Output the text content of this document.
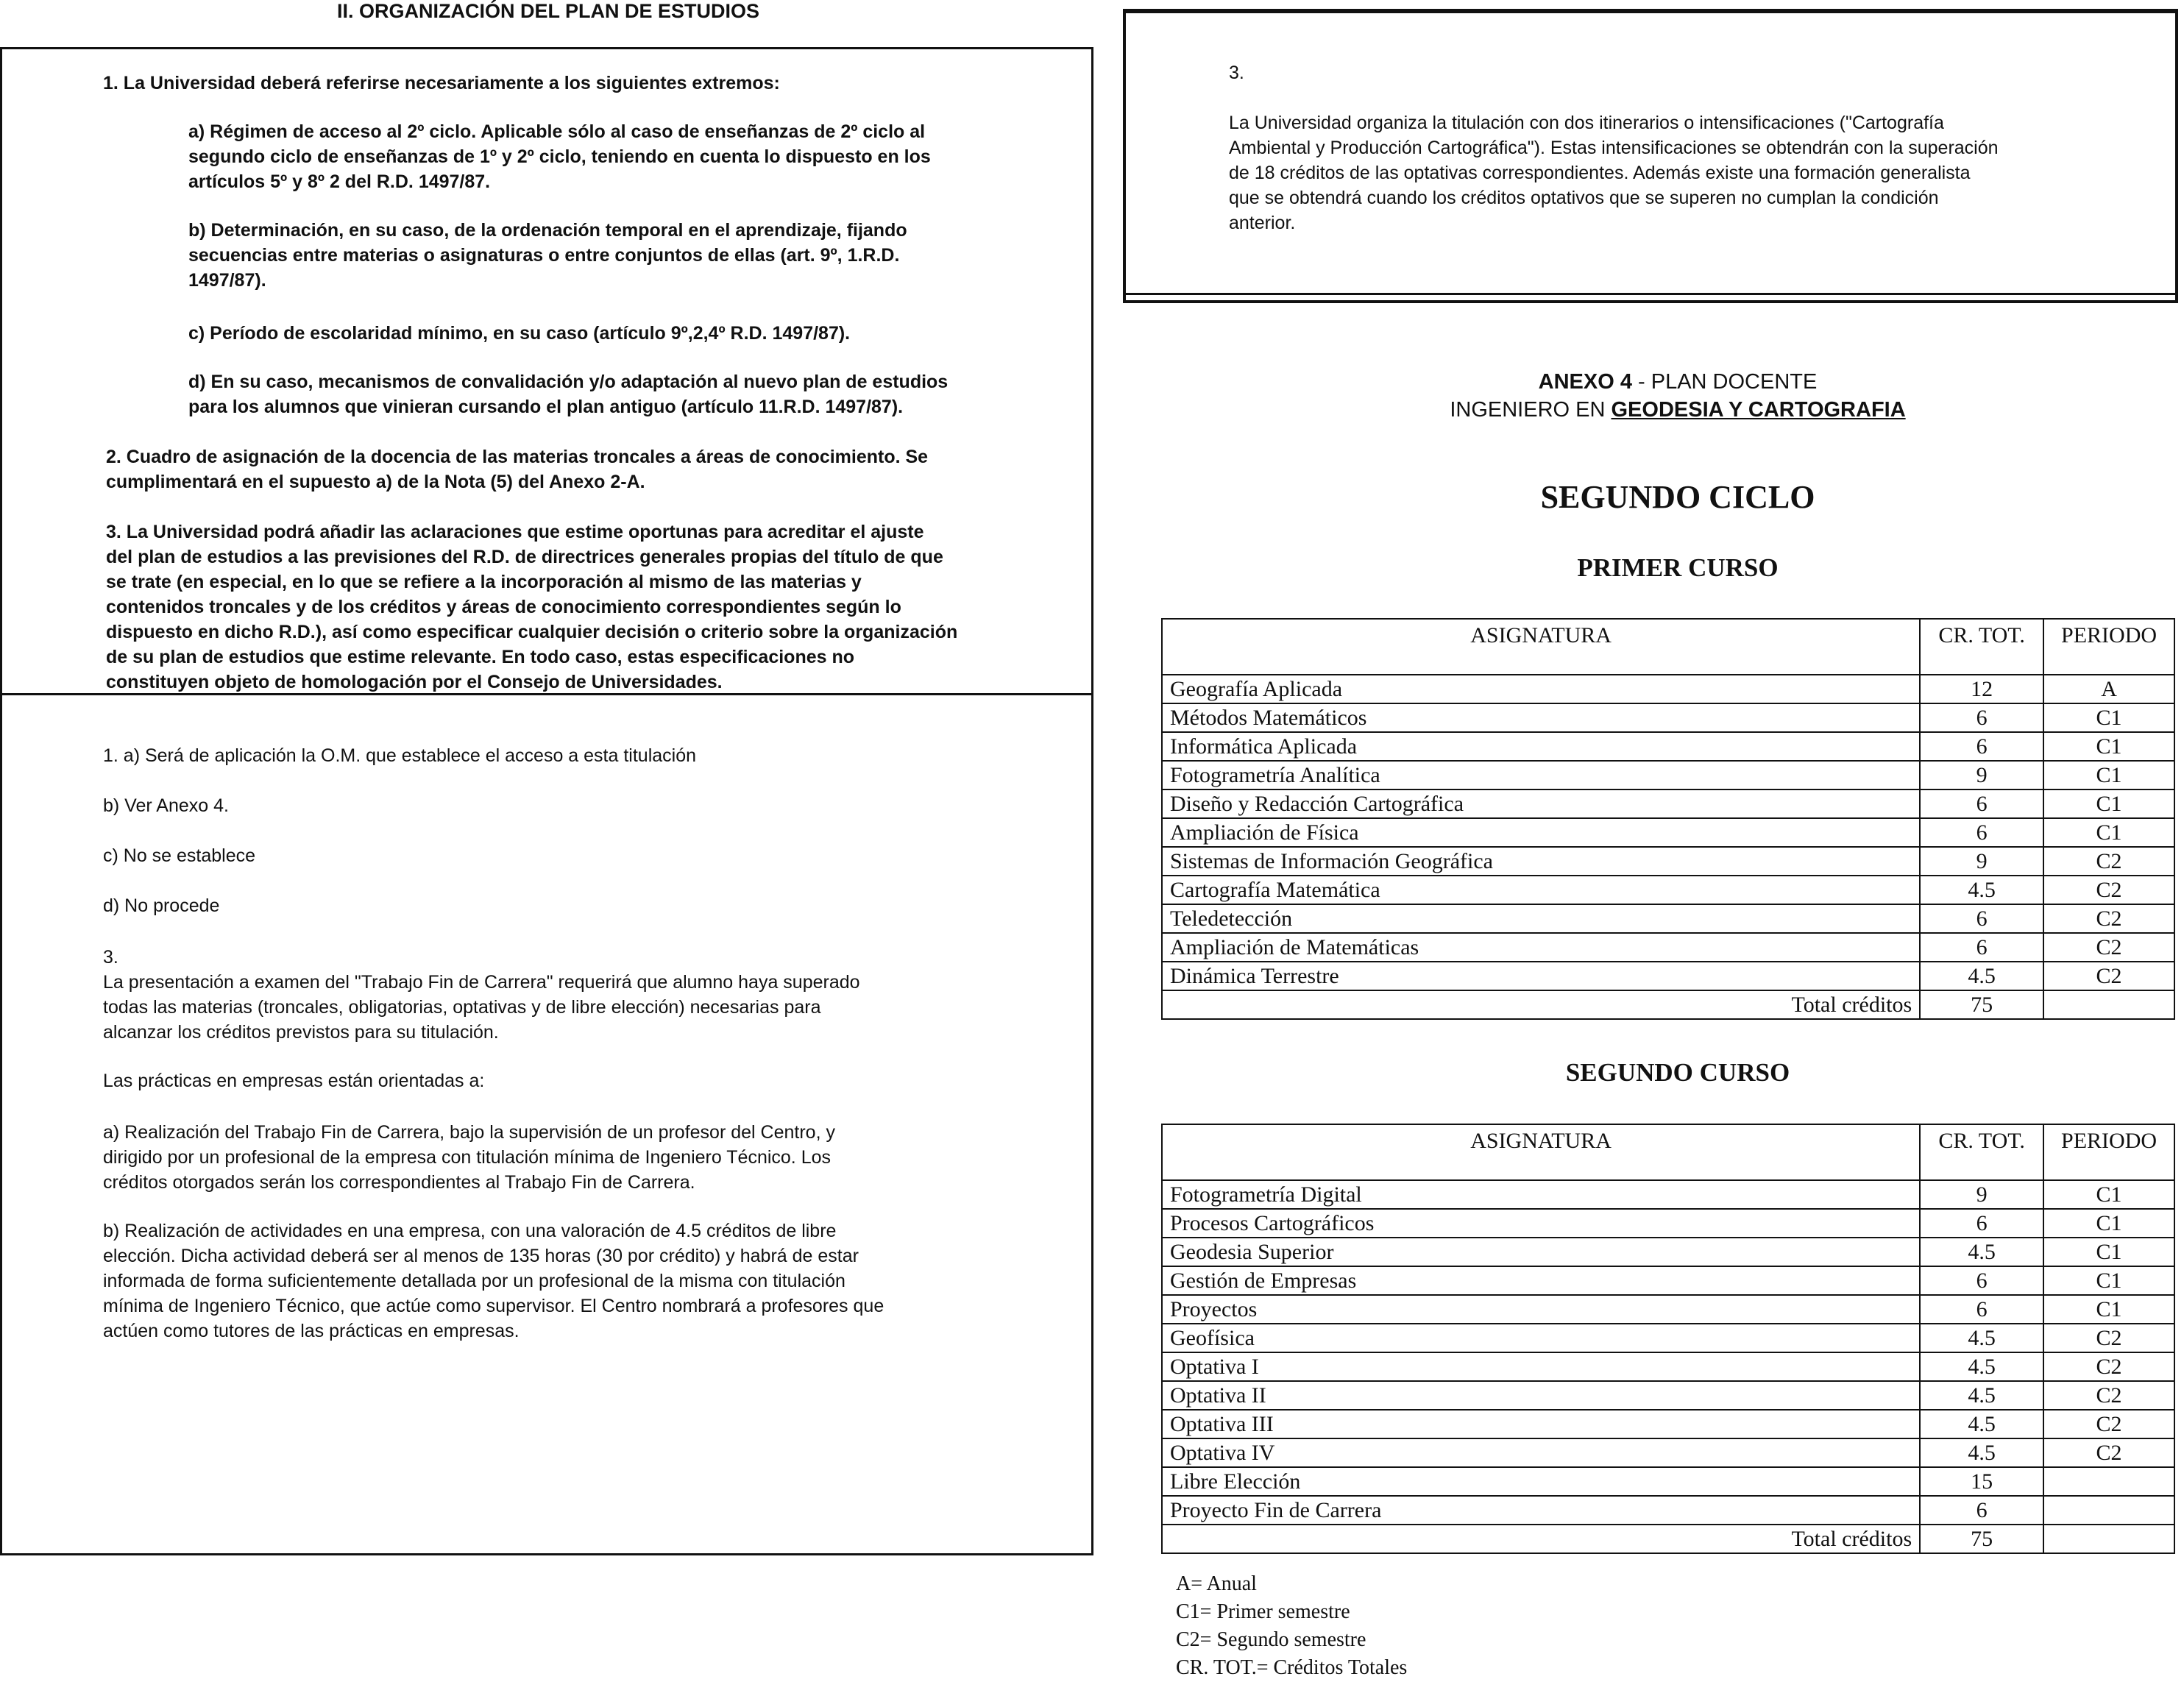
II. ORGANIZACIÓN DEL PLAN DE ESTUDIOS
1. La Universidad deberá referirse necesariamente a los siguientes extremos:

a) Régimen de acceso al 2º ciclo. Aplicable sólo al caso de enseñanzas de 2º ciclo al

segundo ciclo de enseñanzas de 1º y 2º ciclo, teniendo en cuenta lo dispuesto en los

artículos 5º y 8º 2 del R.D. 1497/87.

b) Determinación, en su caso, de la ordenación temporal en el aprendizaje, fijando

secuencias entre materias o asignaturas o entre conjuntos de ellas (art. 9º, 1.R.D.

1497/87).

c) Período de escolaridad mínimo, en su caso (artículo 9º,2,4º R.D. 1497/87).

d) En su caso, mecanismos de convalidación y/o adaptación al nuevo plan de estudios

para los alumnos que vinieran cursando el plan antiguo (artículo 11.R.D. 1497/87).

2. Cuadro de asignación de la docencia de las materias troncales a áreas de conocimiento. Se

cumplimentará en el supuesto a) de la Nota (5) del Anexo 2-A.

3. La Universidad podrá añadir las aclaraciones que estime oportunas para acreditar el ajuste

del plan de estudios a las previsiones del R.D. de directrices generales propias del título de que

se trate (en especial, en lo que se refiere a la incorporación al mismo de las materias y

contenidos troncales y de los créditos y áreas de conocimiento correspondientes según lo

dispuesto en dicho R.D.), así como especificar cualquier decisión o criterio sobre la organización

de su plan de estudios que estime relevante. En todo caso, estas especificaciones no

constituyen objeto de homologación por el Consejo de Universidades.

1. a) Será de aplicación la O.M. que establece el acceso a esta titulación
b) Ver Anexo 4.
c) No se establece
d) No procede

3.

La presentación a examen del "Trabajo Fin de Carrera" requerirá que alumno haya superado

todas las materias (troncales, obligatorias, optativas y de libre elección) necesarias para

alcanzar los créditos previstos para su titulación.

Las prácticas en empresas están orientadas a:

a) Realización del Trabajo Fin de Carrera, bajo la supervisión de un profesor del Centro, y

dirigido por un profesional de la empresa con titulación mínima de Ingeniero Técnico. Los

créditos otorgados serán los correspondientes al Trabajo Fin de Carrera.

b) Realización de actividades en una empresa, con una valoración de 4.5 créditos de libre

elección. Dicha actividad deberá ser al menos de 135 horas (30 por crédito) y habrá de estar

informada de forma suficientemente detallada por un profesional de la misma con titulación

mínima de Ingeniero Técnico, que actúe como supervisor. El Centro nombrará a profesores que

actúen como tutores de las prácticas en empresas.

3.

La Universidad organiza la titulación con dos itinerarios o intensificaciones ("Cartografía

Ambiental y Producción Cartográfica"). Estas intensificaciones se obtendrán con la superación

de 18 créditos de las optativas correspondientes. Además existe una formación generalista

que se obtendrá cuando los créditos optativos que se superen no cumplan la condición

anterior.

ANEXO 4 - PLAN DOCENTE

INGENIERO EN GEODESIA Y CARTOGRAFIA

SEGUNDO CICLO
PRIMER CURSO
ASIGNATURA	CR. TOT.	PERIODO
Geografía Aplicada	12	A
Métodos Matemáticos	6	C1
Informática Aplicada	6	C1
Fotogrametría Analítica	9	C1
Diseño y Redacción Cartográfica	6	C1
Ampliación de Física	6	C1
Sistemas de Información Geográfica	9	C2
Cartografía Matemática	4.5	C2
Teledetección	6	C2
Ampliación de Matemáticas	6	C2
Dinámica Terrestre	4.5	C2
Total créditos	75	
SEGUNDO CURSO
ASIGNATURA	CR. TOT.	PERIODO
Fotogrametría Digital	9	C1
Procesos Cartográficos	6	C1
Geodesia Superior	4.5	C1
Gestión de Empresas	6	C1
Proyectos	6	C1
Geofísica	4.5	C2
Optativa I	4.5	C2
Optativa II	4.5	C2
Optativa III	4.5	C2
Optativa IV	4.5	C2
Libre Elección	15	
Proyecto Fin de Carrera	6	
Total créditos	75	

A= Anual

C1= Primer semestre

C2= Segundo semestre

CR. TOT.= Créditos Totales
